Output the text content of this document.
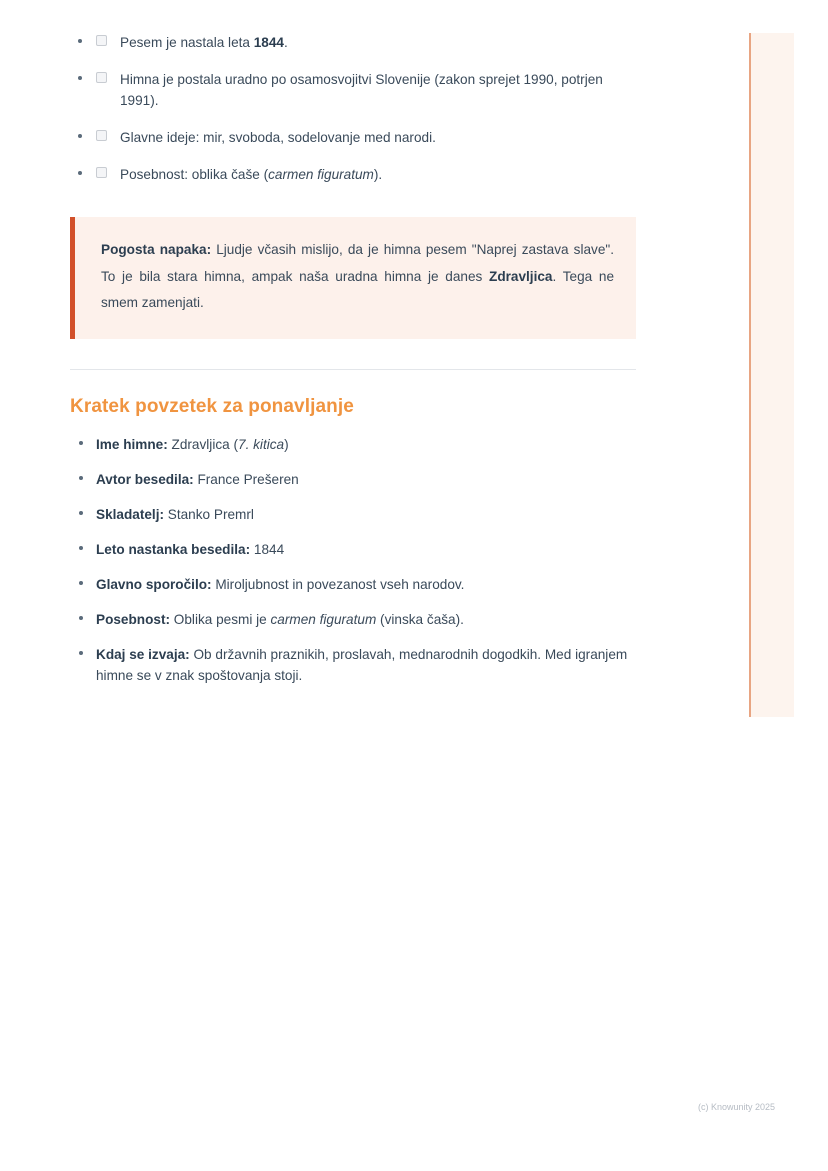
Pesem je nastala leta 1844.
Himna je postala uradno po osamosvojitvi Slovenije (zakon sprejet 1990, potrjen 1991).
Glavne ideje: mir, svoboda, sodelovanje med narodi.
Posebnost: oblika čaše (carmen figuratum).

Pogosta napaka: Ljudje včasih mislijo, da je himna pesem "Naprej zastava slave". To je bila stara himna, ampak naša uradna himna je danes Zdravljica. Tega ne smem zamenjati.

Kratek povzetek za ponavljanje
Ime himne: Zdravljica (7. kitica)
Avtor besedila: France Prešeren
Skladatelj: Stanko Premrl
Leto nastanka besedila: 1844
Glavno sporočilo: Miroljubnost in povezanost vseh narodov.
Posebnost: Oblika pesmi je carmen figuratum (vinska čaša).
Kdaj se izvaja: Ob državnih praznikih, proslavah, mednarodnih dogodkih. Med igranjem himne se v znak spoštovanja stoji.
(c) Knowunity 2025
